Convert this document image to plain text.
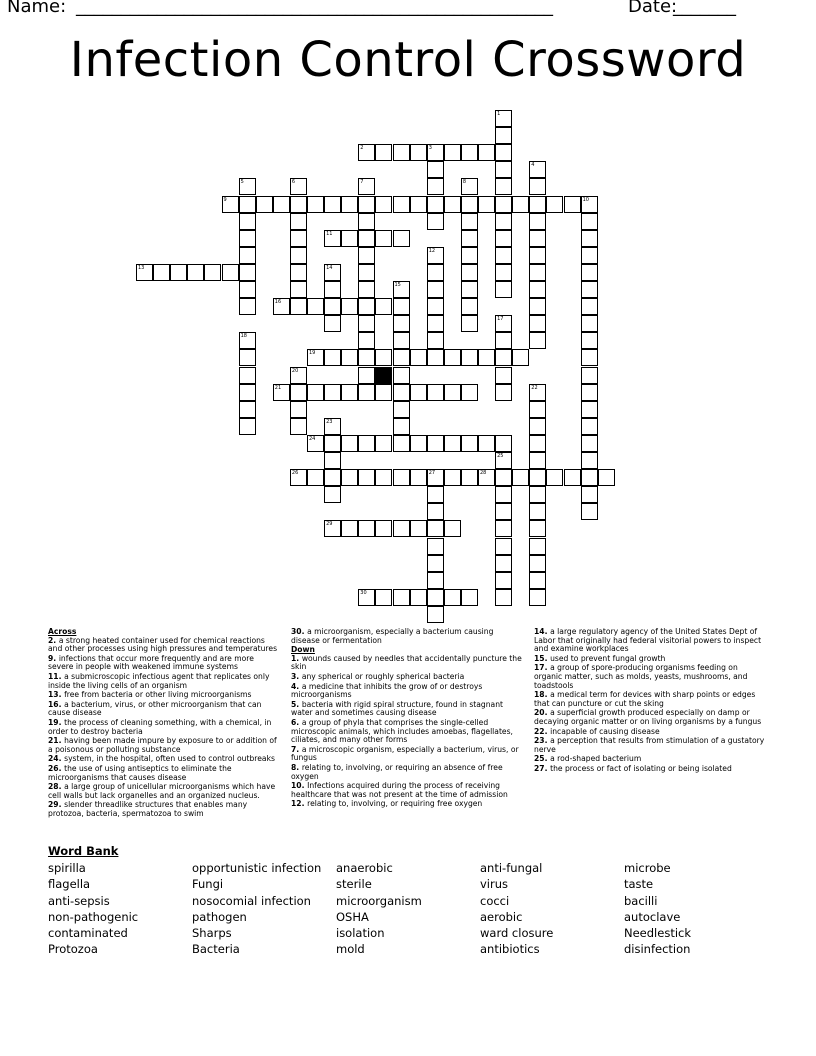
Name: _____________________________________________________	Date:
_______
Infection Control Crossword
1
2	3
4
5	6	7	8
9	10
11
12
13	14
15
16
17
18
19
20
21	22
23
24
25
26	27	28
29
30
Across
2. a strong heated container used for chemical reactions and other processes using high pressures and temperatures
9. infections that occur more frequently and are more severe in people with weakened immune systems
11. a submicroscopic infectious agent that replicates only inside the living cells of an organism
13. free from bacteria or other living microorganisms
16. a bacterium, virus, or other microorganism that can cause disease
19. the process of cleaning something, with a chemical, in order to destroy bacteria
21. having been made impure by exposure to or addition of a poisonous or polluting substance
24. system, in the hospital, often used to control outbreaks
26. the use of using antiseptics to eliminate the microorganisms that causes disease
28. a large group of unicellular microorganisms which have cell walls but lack organelles and an organized nucleus.
29. slender threadlike structures that enables many protozoa, bacteria, spermatozoa to swim
30. a microorganism, especially a bacterium causing disease or fermentation
Down
1. wounds caused by needles that accidentally puncture the skin
3. any spherical or roughly spherical bacteria
4. a medicine that inhibits the grow of or destroys microorganisms
5. bacteria with rigid spiral structure, found in stagnant water and sometimes causing disease
6. a group of phyla that comprises the single-celled microscopic animals, which includes amoebas, flagellates, ciliates, and many other forms
7. a microscopic organism, especially a bacterium, virus, or fungus
8. relating to, involving, or requiring an absence of free oxygen
10. Infections acquired during the process of receiving healthcare that was not present at the time of admission
12. relating to, involving, or requiring free oxygen
14. a large regulatory agency of the United States Dept of Labor that originally had federal visitorial powers to inspect and examine workplaces
15. used to prevent fungal growth
17. a group of spore-producing organisms feeding on organic matter, such as molds, yeasts, mushrooms, and toadstools
18. a medical term for devices with sharp points or edges that can puncture or cut the sking
20. a superficial growth produced especially on damp or decaying organic matter or on living organisms by a fungus
22. incapable of causing disease
23. a perception that results from stimulation of a gustatory nerve
25. a rod-shaped bacterium
27. the process or fact of isolating or being isolated
Word Bank
spirilla
flagella
anti-sepsis
non-pathogenic
contaminated
Protozoa
opportunistic infection
Fungi
nosocomial infection
pathogen
Sharps
Bacteria
anaerobic
sterile
microorganism
OSHA
isolation
mold
anti-fungal
virus
cocci
aerobic
ward closure
antibiotics
microbe
taste
bacilli
autoclave
Needlestick
disinfection
